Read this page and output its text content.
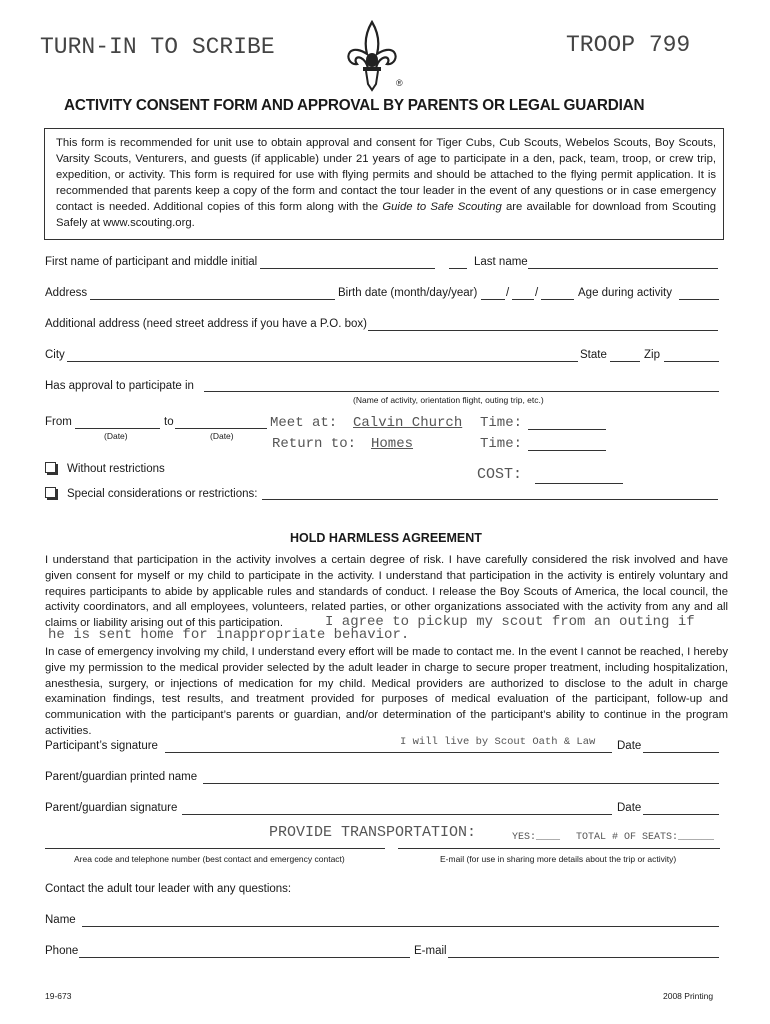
TURN-IN TO SCRIBE	TROOP 799
®
ACTIVITY CONSENT FORM AND APPROVAL BY PARENTS OR LEGAL GUARDIAN
This form is recommended for unit use to obtain approval and consent for Tiger Cubs, Cub Scouts, Webelos Scouts, Boy Scouts, Varsity Scouts, Venturers, and guests (if applicable) under 21 years of age to participate in a den, pack, team, troop, or crew trip, expedition, or activity. This form is required for use with flying permits and should be attached to the flying permit application. It is recommended that parents keep a copy of the form and contact the tour leader in the event of any questions or in case emergency contact is needed. Additional copies of this form along with the Guide to Safe Scouting are available for download from Scouting Safely at www.scouting.org.
First name of participant and middle initial	Last name
Address	Birth date (month/day/year) / /	Age during activity
Additional address (need street address if you have a P.O. box)
City	State	Zip
Has approval to participate in
(Name of activity, orientation flight, outing trip, etc.)
From	to
(Date)	(Date)
Meet at: Calvin Church Time:
Return to: Homes	Time:
Without restrictions	COST:
Special considerations or restrictions:
HOLD HARMLESS AGREEMENT
I understand that participation in the activity involves a certain degree of risk. I have carefully considered the risk involved and have given consent for myself or my child to participate in the activity. I understand that participation in the activity is entirely voluntary and requires participants to abide by applicable rules and standards of conduct. I release the Boy Scouts of America, the local council, the activity coordinators, and all employees, volunteers, related parties, or other organizations associated with the activity from any and all claims or liability arising out of this participation.	I agree to pickup my scout from an outing if
he is sent home for inappropriate behavior.
In case of emergency involving my child, I understand every effort will be made to contact me. In the event I cannot be reached, I hereby give my permission to the medical provider selected by the adult leader in charge to secure proper treatment, including hospitalization, anesthesia, surgery, or injections of medication for my child. Medical providers are authorized to disclose to the adult in charge examination findings, test results, and treatment provided for purposes of medical evaluation of the participant, follow-up and communication with the participant’s parents or guardian, and/or determination of the participant’s ability to continue in the program activities.
Participant’s signature	I will live by Scout Oath & Law Date
Parent/guardian printed name
Parent/guardian signature	Date
PROVIDE TRANSPORTATION:	YES:____ TOTAL # OF SEATS:______
Area code and telephone number (best contact and emergency contact)	E-mail (for use in sharing more details about the trip or activity)
Contact the adult tour leader with any questions:
Name
Phone	E-mail
19-673	2008 Printing
